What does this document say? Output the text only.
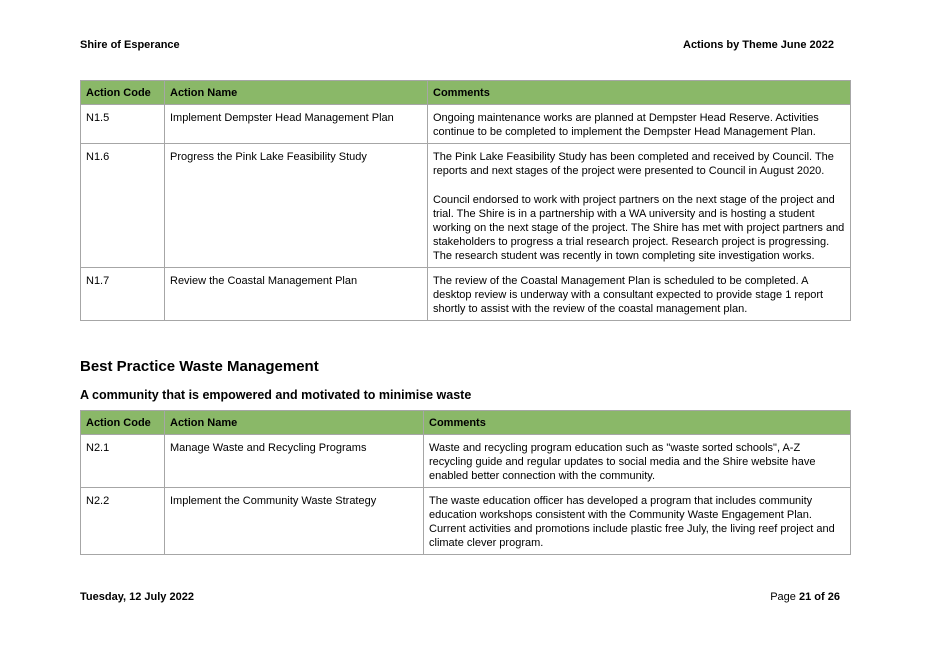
Shire of Esperance	Actions by Theme June 2022
Action Code	Action Name	Comments
N1.5	Implement Dempster Head Management Plan	Ongoing maintenance works are planned at Dempster Head Reserve. Activities continue to be completed to implement the Dempster Head Management Plan.

N1.6	Progress the Pink Lake Feasibility Study	The Pink Lake Feasibility Study has been completed and received by Council. The reports and next stages of the project were presented to Council in August 2020.

Council endorsed to work with project partners on the next stage of the project and trial. The Shire is in a partnership with a WA university and is hosting a student working on the next stage of the project. The Shire has met with project partners and stakeholders to progress a trial research project. Research project is progressing. The research student was recently in town completing site investigation works.

N1.7	Review the Coastal Management Plan	The review of the Coastal Management Plan is scheduled to be completed. A desktop review is underway with a consultant expected to provide stage 1 report shortly to assist with the review of the coastal management plan.

Best Practice Waste Management
A community that is empowered and motivated to minimise waste
Action Code	Action Name	Comments
N2.1	Manage Waste and Recycling Programs	Waste and recycling program education such as "waste sorted schools", A-Z recycling guide and regular updates to social media and the Shire website have enabled better connection with the community.

N2.2	Implement the Community Waste Strategy	The waste education officer has developed a program that includes community education workshops consistent with the Community Waste Engagement Plan. Current activities and promotions include plastic free July, the living reef project and climate clever program.

Tuesday, 12 July 2022	Page 21 of 26
